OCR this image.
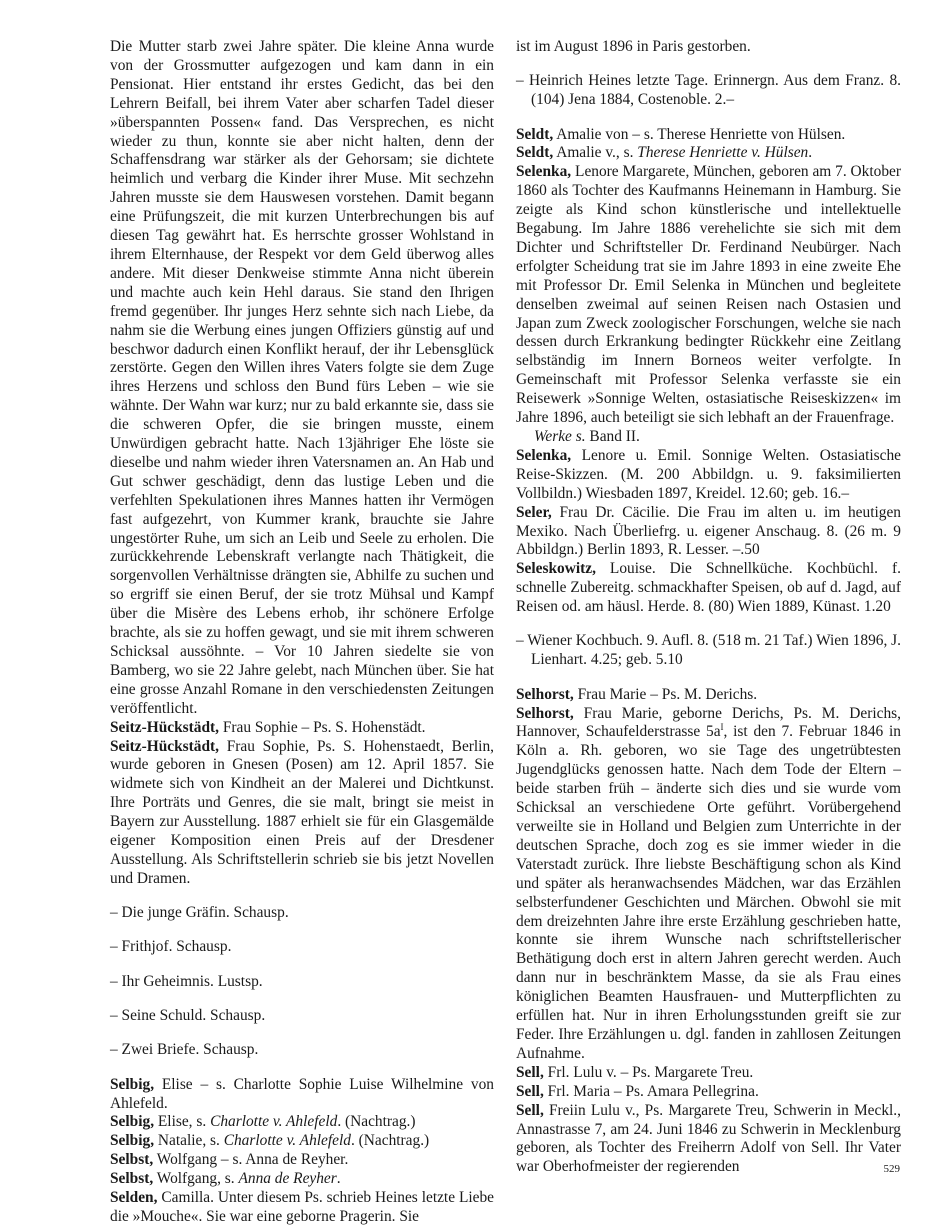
Die Mutter starb zwei Jahre später. Die kleine Anna wurde von der Grossmutter aufgezogen und kam dann in ein Pensionat. Hier entstand ihr erstes Gedicht, das bei den Lehrern Beifall, bei ihrem Vater aber scharfen Tadel dieser »überspannten Possen« fand. Das Versprechen, es nicht wieder zu thun, konnte sie aber nicht halten, denn der Schaffensdrang war stärker als der Gehorsam; sie dichtete heimlich und verbarg die Kinder ihrer Muse. Mit sechzehn Jahren musste sie dem Hauswesen vorstehen. Damit begann eine Prüfungszeit, die mit kurzen Unterbrechungen bis auf diesen Tag gewährt hat. Es herrschte grosser Wohlstand in ihrem Elternhause, der Respekt vor dem Geld überwog alles andere. Mit dieser Denkweise stimmte Anna nicht überein und machte auch kein Hehl daraus. Sie stand den Ihrigen fremd gegenüber. Ihr junges Herz sehnte sich nach Liebe, da nahm sie die Werbung eines jungen Offiziers günstig auf und beschwor dadurch einen Konflikt herauf, der ihr Lebensglück zerstörte. Gegen den Willen ihres Vaters folgte sie dem Zuge ihres Herzens und schloss den Bund fürs Leben – wie sie wähnte. Der Wahn war kurz; nur zu bald erkannte sie, dass sie die schweren Opfer, die sie bringen musste, einem Unwürdigen gebracht hatte. Nach 13jähriger Ehe löste sie dieselbe und nahm wieder ihren Vatersnamen an. An Hab und Gut schwer geschädigt, denn das lustige Leben und die verfehlten Spekulationen ihres Mannes hatten ihr Vermögen fast aufgezehrt, von Kummer krank, brauchte sie Jahre ungestörter Ruhe, um sich an Leib und Seele zu erholen. Die zurückkehrende Lebenskraft verlangte nach Thätigkeit, die sorgenvollen Verhältnisse drängten sie, Abhilfe zu suchen und so ergriff sie einen Beruf, der sie trotz Mühsal und Kampf über die Misère des Lebens erhob, ihr schönere Erfolge brachte, als sie zu hoffen gewagt, und sie mit ihrem schweren Schicksal aussöhnte. – Vor 10 Jahren siedelte sie von Bamberg, wo sie 22 Jahre gelebt, nach München über. Sie hat eine grosse Anzahl Romane in den verschiedensten Zeitungen veröffentlicht.

Seitz-Hückstädt, Frau Sophie – Ps. S. Hohenstädt.

Seitz-Hückstädt, Frau Sophie, Ps. S. Hohenstaedt, Berlin, wurde geboren in Gnesen (Posen) am 12. April 1857. Sie widmete sich von Kindheit an der Malerei und Dichtkunst. Ihre Porträts und Genres, die sie malt, bringt sie meist in Bayern zur Ausstellung. 1887 erhielt sie für ein Glasgemälde eigener Komposition einen Preis auf der Dresdener Ausstellung. Als Schriftstellerin schrieb sie bis jetzt Novellen und Dramen.

– Die junge Gräfin. Schausp.

– Frithjof. Schausp.

– Ihr Geheimnis. Lustsp.

– Seine Schuld. Schausp.

– Zwei Briefe. Schausp.

Selbig, Elise – s. Charlotte Sophie Luise Wilhelmine von Ahlefeld.

Selbig, Elise, s. Charlotte v. Ahlefeld. (Nachtrag.)

Selbig, Natalie, s. Charlotte v. Ahlefeld. (Nachtrag.)

Selbst, Wolfgang – s. Anna de Reyher.

Selbst, Wolfgang, s. Anna de Reyher.

Selden, Camilla. Unter diesem Ps. schrieb Heines letzte Liebe die »Mouche«. Sie war eine geborne Pragerin. Sie

ist im August 1896 in Paris gestorben.

– Heinrich Heines letzte Tage. Erinnergn. Aus dem Franz. 8. (104) Jena 1884, Costenoble. 2.–

Seldt, Amalie von – s. Therese Henriette von Hülsen.

Seldt, Amalie v., s. Therese Henriette v. Hülsen.

Selenka, Lenore Margarete, München, geboren am 7. Oktober 1860 als Tochter des Kaufmanns Heinemann in Hamburg. Sie zeigte als Kind schon künstlerische und intellektuelle Begabung. Im Jahre 1886 verehelichte sie sich mit dem Dichter und Schriftsteller Dr. Ferdinand Neubürger. Nach erfolgter Scheidung trat sie im Jahre 1893 in eine zweite Ehe mit Professor Dr. Emil Selenka in München und begleitete denselben zweimal auf seinen Reisen nach Ostasien und Japan zum Zweck zoologischer Forschungen, welche sie nach dessen durch Erkrankung bedingter Rückkehr eine Zeitlang selbständig im Innern Borneos weiter verfolgte. In Gemeinschaft mit Professor Selenka verfasste sie ein Reisewerk »Sonnige Welten, ostasiatische Reiseskizzen« im Jahre 1896, auch beteiligt sie sich lebhaft an der Frauenfrage.

Werke s. Band II.

Selenka, Lenore u. Emil. Sonnige Welten. Ostasiatische Reise-Skizzen. (M. 200 Abbildgn. u. 9. faksimilierten Vollbildn.) Wiesbaden 1897, Kreidel. 12.60; geb. 16.–

Seler, Frau Dr. Cäcilie. Die Frau im alten u. im heutigen Mexiko. Nach Überliefrg. u. eigener Anschaug. 8. (26 m. 9 Abbildgn.) Berlin 1893, R. Lesser. –.50

Seleskowitz, Louise. Die Schnellküche. Kochbüchl. f. schnelle Zubereitg. schmackhafter Speisen, ob auf d. Jagd, auf Reisen od. am häusl. Herde. 8. (80) Wien 1889, Künast. 1.20

– Wiener Kochbuch. 9. Aufl. 8. (518 m. 21 Taf.) Wien 1896, J. Lienhart. 4.25; geb. 5.10

Selhorst, Frau Marie – Ps. M. Derichs.

Selhorst, Frau Marie, geborne Derichs, Ps. M. Derichs, Hannover, Schaufelderstrasse $5a^I$, ist den 7. Februar 1846 in Köln a. Rh. geboren, wo sie Tage des ungetrübtesten Jugendglücks genossen hatte. Nach dem Tode der Eltern – beide starben früh – änderte sich dies und sie wurde vom Schicksal an verschiedene Orte geführt. Vorübergehend verweilte sie in Holland und Belgien zum Unterrichte in der deutschen Sprache, doch zog es sie immer wieder in die Vaterstadt zurück. Ihre liebste Beschäftigung schon als Kind und später als heranwachsendes Mädchen, war das Erzählen selbsterfundener Geschichten und Märchen. Obwohl sie mit dem dreizehnten Jahre ihre erste Erzählung geschrieben hatte, konnte sie ihrem Wunsche nach schriftstellerischer Bethätigung doch erst in altern Jahren gerecht werden. Auch dann nur in beschränktem Masse, da sie als Frau eines königlichen Beamten Hausfrauen- und Mutterpflichten zu erfüllen hat. Nur in ihren Erholungsstunden greift sie zur Feder. Ihre Erzählungen u. dgl. fanden in zahllosen Zeitungen Aufnahme.

Sell, Frl. Lulu v. – Ps. Margarete Treu.

Sell, Frl. Maria – Ps. Amara Pellegrina.

Sell, Freiin Lulu v., Ps. Margarete Treu, Schwerin in Meckl., Annastrasse 7, am 24. Juni 1846 zu Schwerin in Mecklenburg geboren, als Tochter des Freiherrn Adolf von Sell. Ihr Vater war Oberhofmeister der regierenden	529
